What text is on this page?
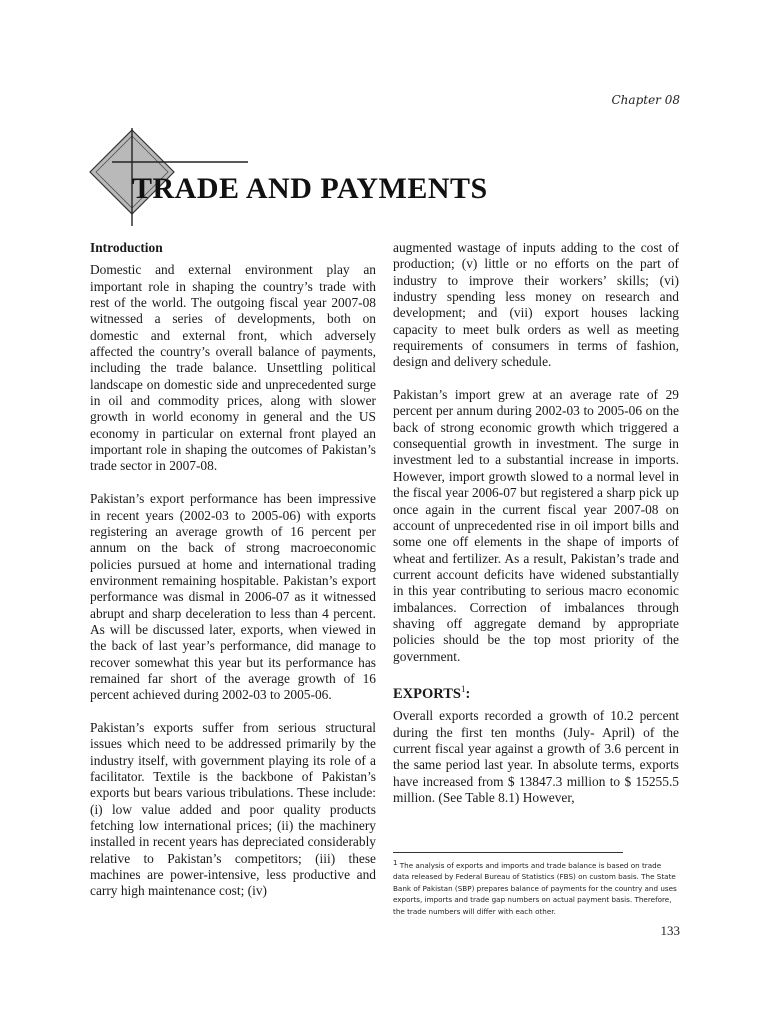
Chapter 08
TRADE AND PAYMENTS
Introduction

Domestic and external environment play an important role in shaping the country’s trade with rest of the world. The outgoing fiscal year 2007-08 witnessed a series of developments, both on domestic and external front, which adversely affected the country’s overall balance of payments, including the trade balance. Unsettling political landscape on domestic side and unprecedented surge in oil and commodity prices, along with slower growth in world economy in general and the US economy in particular on external front played an important role in shaping the outcomes of Pakistan’s trade sector in 2007-08.

Pakistan’s export performance has been impressive in recent years (2002-03 to 2005-06) with exports registering an average growth of 16 percent per annum on the back of strong macroeconomic policies pursued at home and international trading environment remaining hospitable. Pakistan’s export performance was dismal in 2006-07 as it witnessed abrupt and sharp deceleration to less than 4 percent. As will be discussed later, exports, when viewed in the back of last year’s performance, did manage to recover somewhat this year but its performance has remained far short of the average growth of 16 percent achieved during 2002-03 to 2005-06.

Pakistan’s exports suffer from serious structural issues which need to be addressed primarily by the industry itself, with government playing its role of a facilitator. Textile is the backbone of Pakistan’s exports but bears various tribulations. These include: (i) low value added and poor quality products fetching low international prices; (ii) the machinery installed in recent years has depreciated considerably relative to Pakistan’s competitors; (iii) these machines are power-intensive, less productive and carry high maintenance cost; (iv)

augmented wastage of inputs adding to the cost of production; (v) little or no efforts on the part of industry to improve their workers’ skills; (vi) industry spending less money on research and development; and (vii) export houses lacking capacity to meet bulk orders as well as meeting requirements of consumers in terms of fashion, design and delivery schedule.

Pakistan’s import grew at an average rate of 29 percent per annum during 2002-03 to 2005-06 on the back of strong economic growth which triggered a consequential growth in investment. The surge in investment led to a substantial increase in imports. However, import growth slowed to a normal level in the fiscal year 2006-07 but registered a sharp pick up once again in the current fiscal year 2007-08 on account of unprecedented rise in oil import bills and some one off elements in the shape of imports of wheat and fertilizer. As a result, Pakistan’s trade and current account deficits have widened substantially in this year contributing to serious macro economic imbalances. Correction of imbalances through shaving off aggregate demand by appropriate policies should be the top most priority of the government.

EXPORTS$^1$:

Overall exports recorded a growth of 10.2 percent during the first ten months (July- April) of the current fiscal year against a growth of 3.6 percent in the same period last year. In absolute terms, exports have increased from $ 13847.3 million to $ 15255.5 million. (See Table 8.1) However,

$^1$ The analysis of exports and imports and trade balance is based on trade data released by Federal Bureau of Statistics (FBS) on custom basis. The State Bank of Pakistan (SBP) prepares balance of payments for the country and uses exports, imports and trade gap numbers on actual payment basis. Therefore, the trade numbers will differ with each other.
133
